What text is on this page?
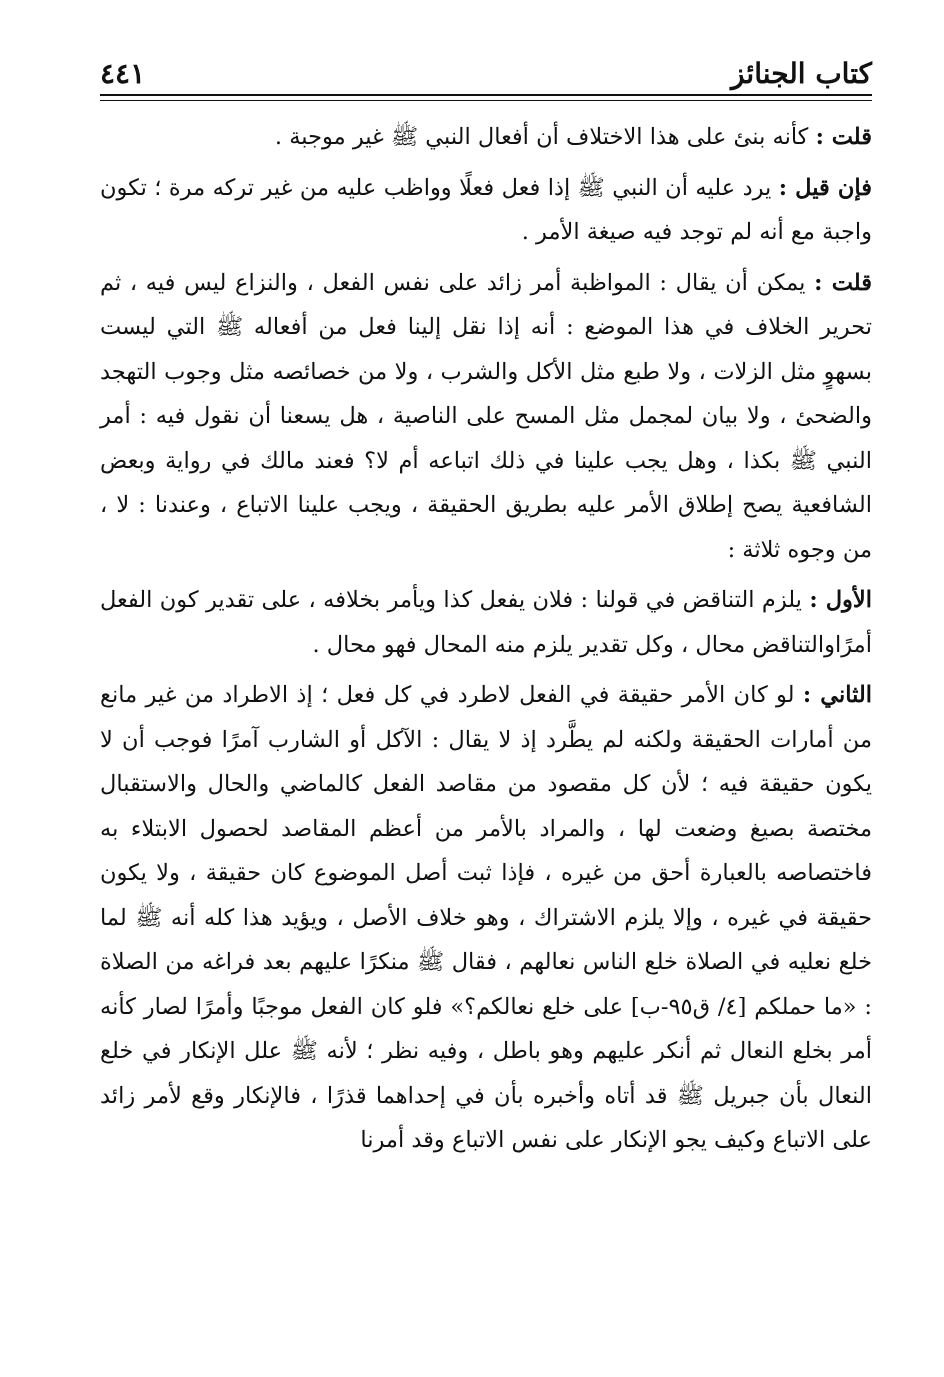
كتاب الجنائز
٤٤١

قلت : كأنه بنئ على هذا الاختلاف أن أفعال النبي ﷺ غير موجبة .

فإن قيل : يرد عليه أن النبي ﷺ إذا فعل فعلًا وواظب عليه من غير تركه مرة ؛ تكون واجبة مع أنه لم توجد فيه صيغة الأمر .

قلت : يمكن أن يقال : المواظبة أمر زائد على نفس الفعل ، والنزاع ليس فيه ، ثم تحرير الخلاف في هذا الموضع : أنه إذا نقل إلينا فعل من أفعاله ﷺ التي ليست بسهوٍ مثل الزلات ، ولا طبع مثل الأكل والشرب ، ولا من خصائصه مثل وجوب التهجد والضحئ ، ولا بيان لمجمل مثل المسح على الناصية ، هل يسعنا أن نقول فيه : أمر النبي ﷺ بكذا ، وهل يجب علينا في ذلك اتباعه أم لا؟ فعند مالك في رواية وبعض الشافعية يصح إطلاق الأمر عليه بطريق الحقيقة ، ويجب علينا الاتباع ، وعندنا : لا ، من وجوه ثلاثة :

الأول : يلزم التناقض في قولنا : فلان يفعل كذا ويأمر بخلافه ، على تقدير كون الفعل أمرًاوالتناقض محال ، وكل تقدير يلزم منه المحال فهو محال .

الثاني : لو كان الأمر حقيقة في الفعل لاطرد في كل فعل ؛ إذ الاطراد من غير مانع من أمارات الحقيقة ولكنه لم يطَّرد إذ لا يقال : الآكل أو الشارب آمرًا فوجب أن لا يكون حقيقة فيه ؛ لأن كل مقصود من مقاصد الفعل كالماضي والحال والاستقبال مختصة بصيغ وضعت لها ، والمراد بالأمر من أعظم المقاصد لحصول الابتلاء به فاختصاصه بالعبارة أحق من غيره ، فإذا ثبت أصل الموضوع كان حقيقة ، ولا يكون حقيقة في غيره ، وإلا يلزم الاشتراك ، وهو خلاف الأصل ، ويؤيد هذا كله أنه ﷺ لما خلع نعليه في الصلاة خلع الناس نعالهم ، فقال ﷺ منكرًا عليهم بعد فراغه من الصلاة : «ما حملكم [٤/ ق٩٥-ب] على خلع نعالكم؟» فلو كان الفعل موجبًا وأمرًا لصار كأنه أمر بخلع النعال ثم أنكر عليهم وهو باطل ، وفيه نظر ؛ لأنه ﷺ علل الإنكار في خلع النعال بأن جبريل ﷺ قد أتاه وأخبره بأن في إحداهما قذرًا ، فالإنكار وقع لأمر زائد على الاتباع وكيف يجو الإنكار على نفس الاتباع وقد أمرنا
